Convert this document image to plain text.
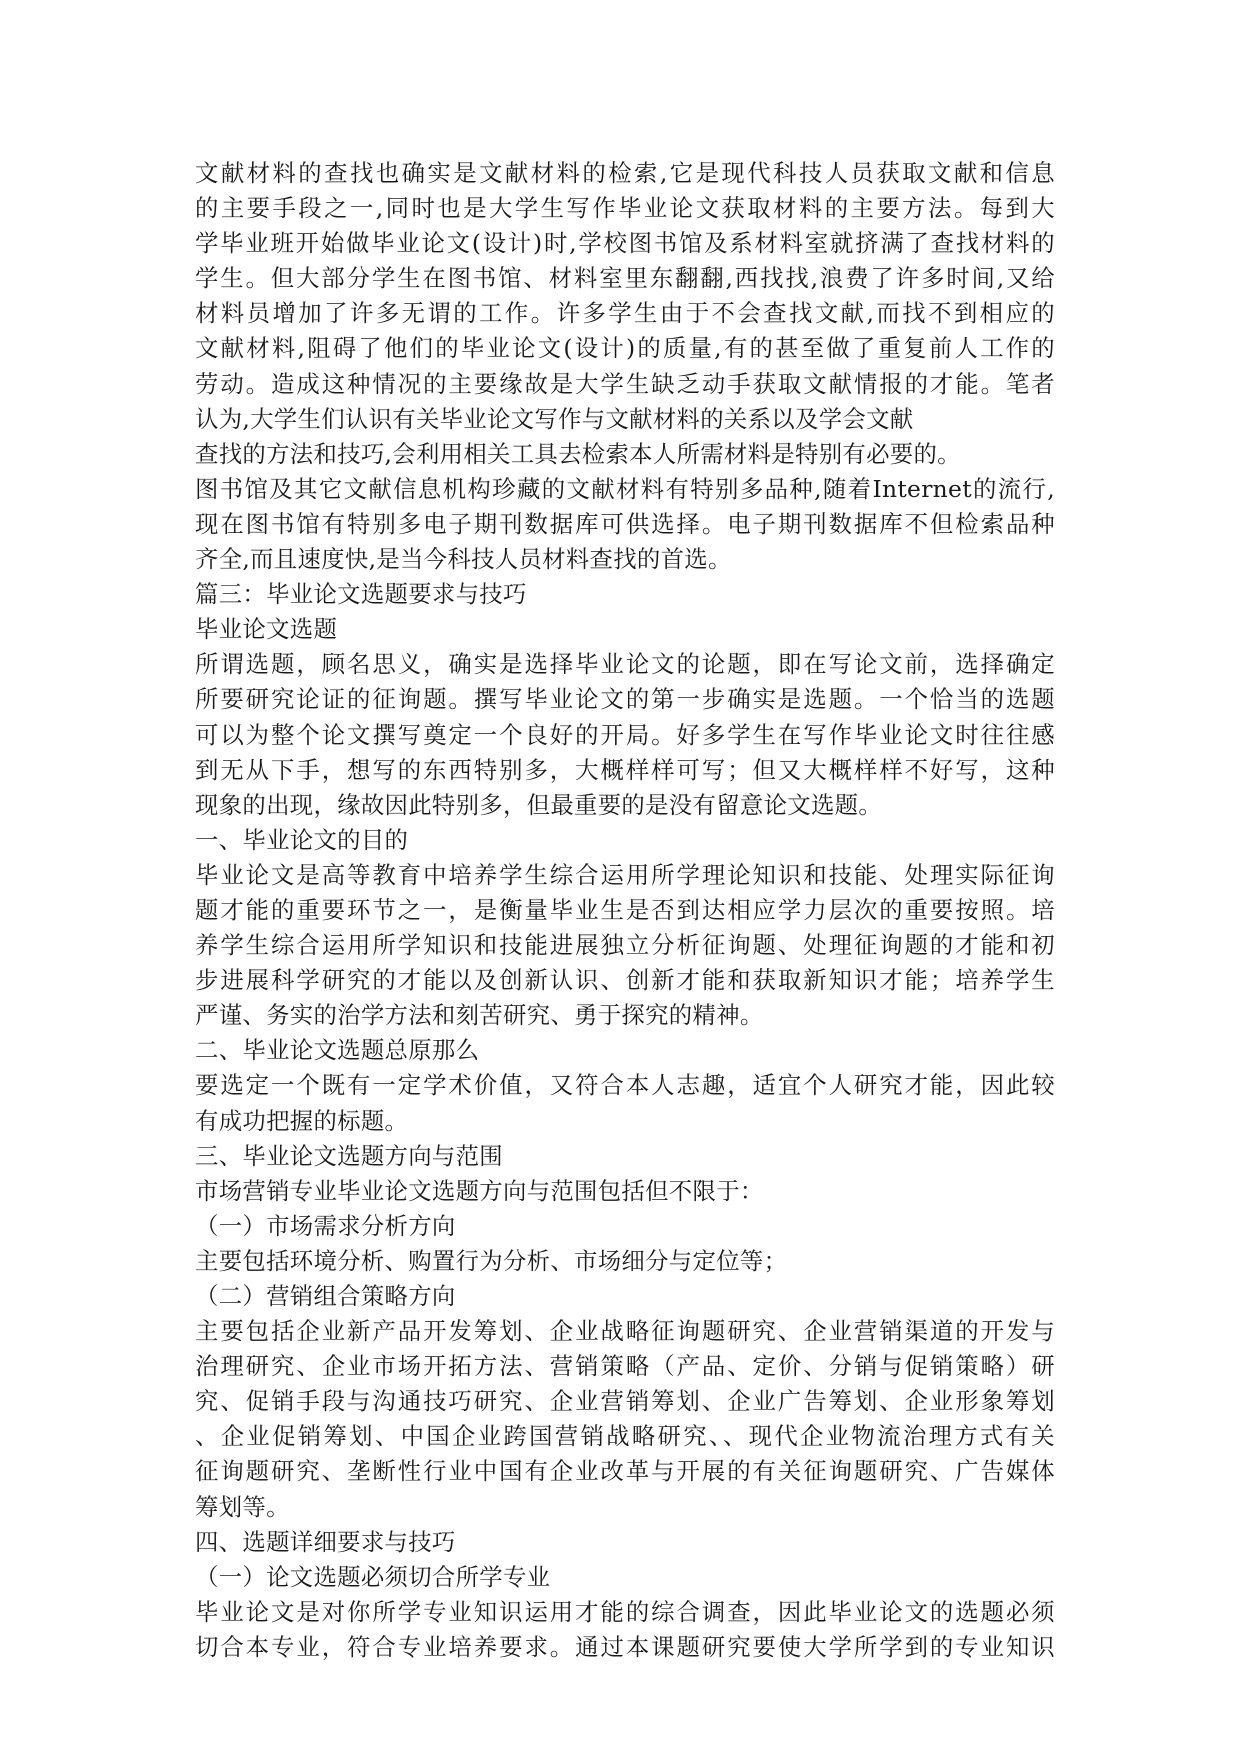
文献材料的查找也确实是文献材料的检索,它是现代科技人员获取文献和信息
的主要手段之一,同时也是大学生写作毕业论文获取材料的主要方法。每到大
学毕业班开始做毕业论文(设计)时,学校图书馆及系材料室就挤满了查找材料的
学生。但大部分学生在图书馆、材料室里东翻翻,西找找,浪费了许多时间,又给
材料员增加了许多无谓的工作。许多学生由于不会查找文献,而找不到相应的
文献材料,阻碍了他们的毕业论文(设计)的质量,有的甚至做了重复前人工作的
劳动。造成这种情况的主要缘故是大学生缺乏动手获取文献情报的才能。笔者
认为,大学生们认识有关毕业论文写作与文献材料的关系以及学会文献
查找的方法和技巧,会利用相关工具去检索本人所需材料是特别有必要的。
图书馆及其它文献信息机构珍藏的文献材料有特别多品种,随着Internet的流行,
现在图书馆有特别多电子期刊数据库可供选择。电子期刊数据库不但检索品种
齐全,而且速度快,是当今科技人员材料查找的首选。
篇三：毕业论文选题要求与技巧
毕业论文选题
所谓选题，顾名思义，确实是选择毕业论文的论题，即在写论文前，选择确定
所要研究论证的征询题。撰写毕业论文的第一步确实是选题。一个恰当的选题
可以为整个论文撰写奠定一个良好的开局。好多学生在写作毕业论文时往往感
到无从下手，想写的东西特别多，大概样样可写；但又大概样样不好写，这种
现象的出现，缘故因此特别多，但最重要的是没有留意论文选题。
一、毕业论文的目的
毕业论文是高等教育中培养学生综合运用所学理论知识和技能、处理实际征询
题才能的重要环节之一，是衡量毕业生是否到达相应学力层次的重要按照。培
养学生综合运用所学知识和技能进展独立分析征询题、处理征询题的才能和初
步进展科学研究的才能以及创新认识、创新才能和获取新知识才能；培养学生
严谨、务实的治学方法和刻苦研究、勇于探究的精神。
二、毕业论文选题总原那么
要选定一个既有一定学术价值，又符合本人志趣，适宜个人研究才能，因此较
有成功把握的标题。
三、毕业论文选题方向与范围
市场营销专业毕业论文选题方向与范围包括但不限于：
（一）市场需求分析方向
主要包括环境分析、购置行为分析、市场细分与定位等；
（二）营销组合策略方向
主要包括企业新产品开发筹划、企业战略征询题研究、企业营销渠道的开发与
治理研究、企业市场开拓方法、营销策略（产品、定价、分销与促销策略）研
究、促销手段与沟通技巧研究、企业营销筹划、企业广告筹划、企业形象筹划
、企业促销筹划、中国企业跨国营销战略研究、、现代企业物流治理方式有关
征询题研究、垄断性行业中国有企业改革与开展的有关征询题研究、广告媒体
筹划等。
四、选题详细要求与技巧
（一）论文选题必须切合所学专业
毕业论文是对你所学专业知识运用才能的综合调查，因此毕业论文的选题必须
切合本专业，符合专业培养要求。通过本课题研究要使大学所学到的专业知识
